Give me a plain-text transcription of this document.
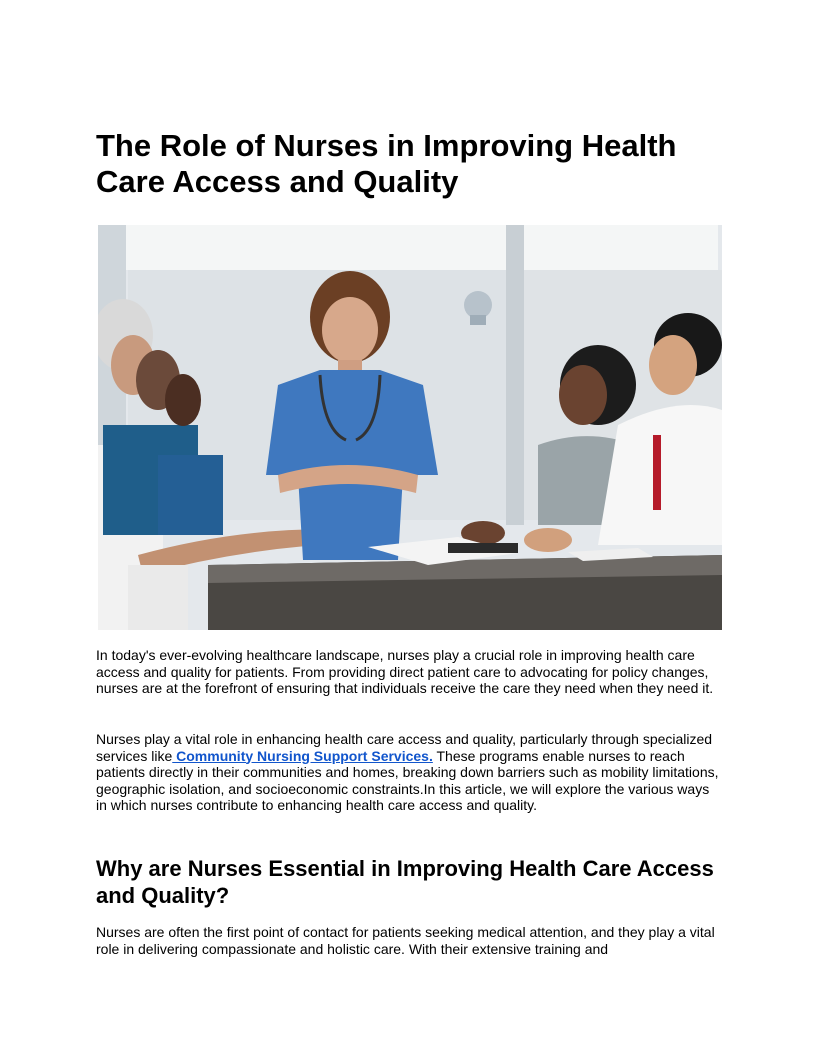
The Role of Nurses in Improving Health Care Access and Quality

In today's ever-evolving healthcare landscape, nurses play a crucial role in improving health care access and quality for patients. From providing direct patient care to advocating for policy changes, nurses are at the forefront of ensuring that individuals receive the care they need when they need it.

Nurses play a vital role in enhancing health care access and quality, particularly through specialized services like Community Nursing Support Services. These programs enable nurses to reach patients directly in their communities and homes, breaking down barriers such as mobility limitations, geographic isolation, and socioeconomic constraints.In this article, we will explore the various ways in which nurses contribute to enhancing health care access and quality.

Why are Nurses Essential in Improving Health Care Access and Quality?

Nurses are often the first point of contact for patients seeking medical attention, and they play a vital role in delivering compassionate and holistic care. With their extensive training and
